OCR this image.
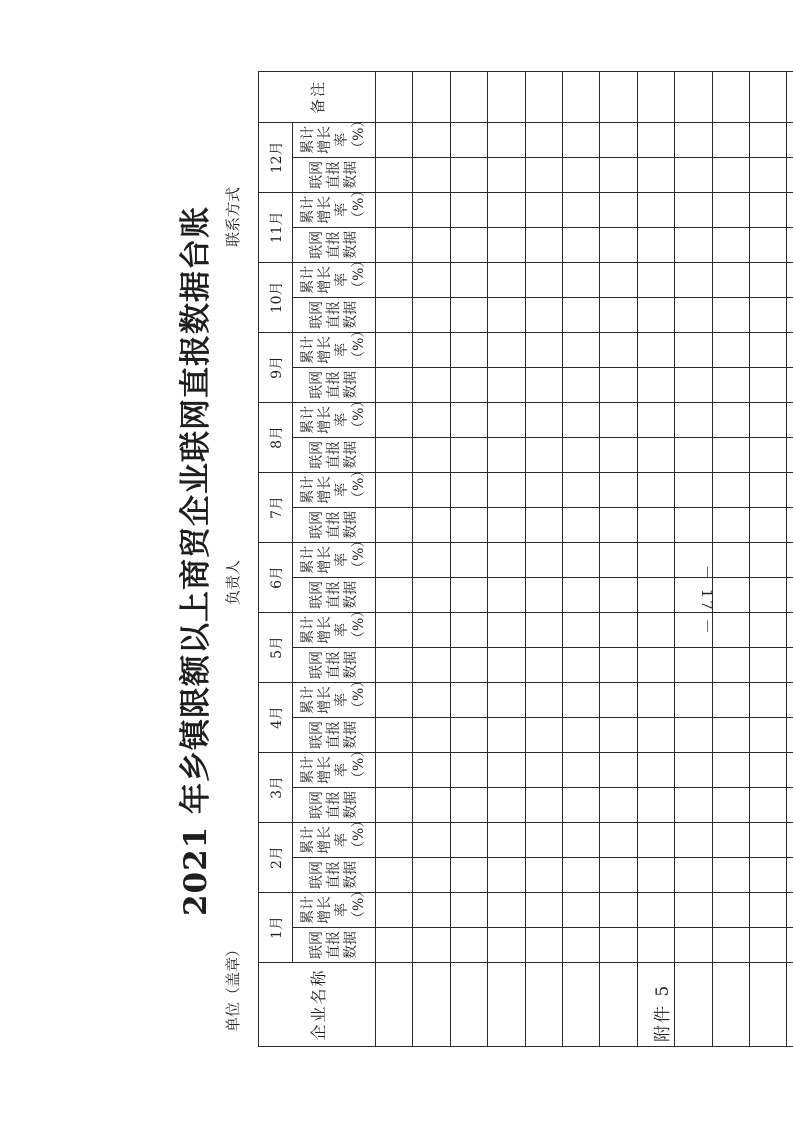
附件 5
2021 年乡镇限额以上商贸企业联网直报数据台账
单位（盖章）
负责人
联系方式
企业名称	1月		2月		3月		4月		5月		6月		7月		8月		9月		10月		11月		12月		备注
	联网直报数据	累计增长率（%）	联网直报数据	累计增长率（%）	联网直报数据	累计增长率（%）	联网直报数据	累计增长率（%）	联网直报数据	累计增长率（%）	联网直报数据	累计增长率（%）	联网直报数据	累计增长率（%）	联网直报数据	累计增长率（%）	联网直报数据	累计增长率（%）	联网直报数据	累计增长率（%）	联网直报数据	累计增长率（%）	联网直报数据	累计增长率（%）	

－ 17 －
